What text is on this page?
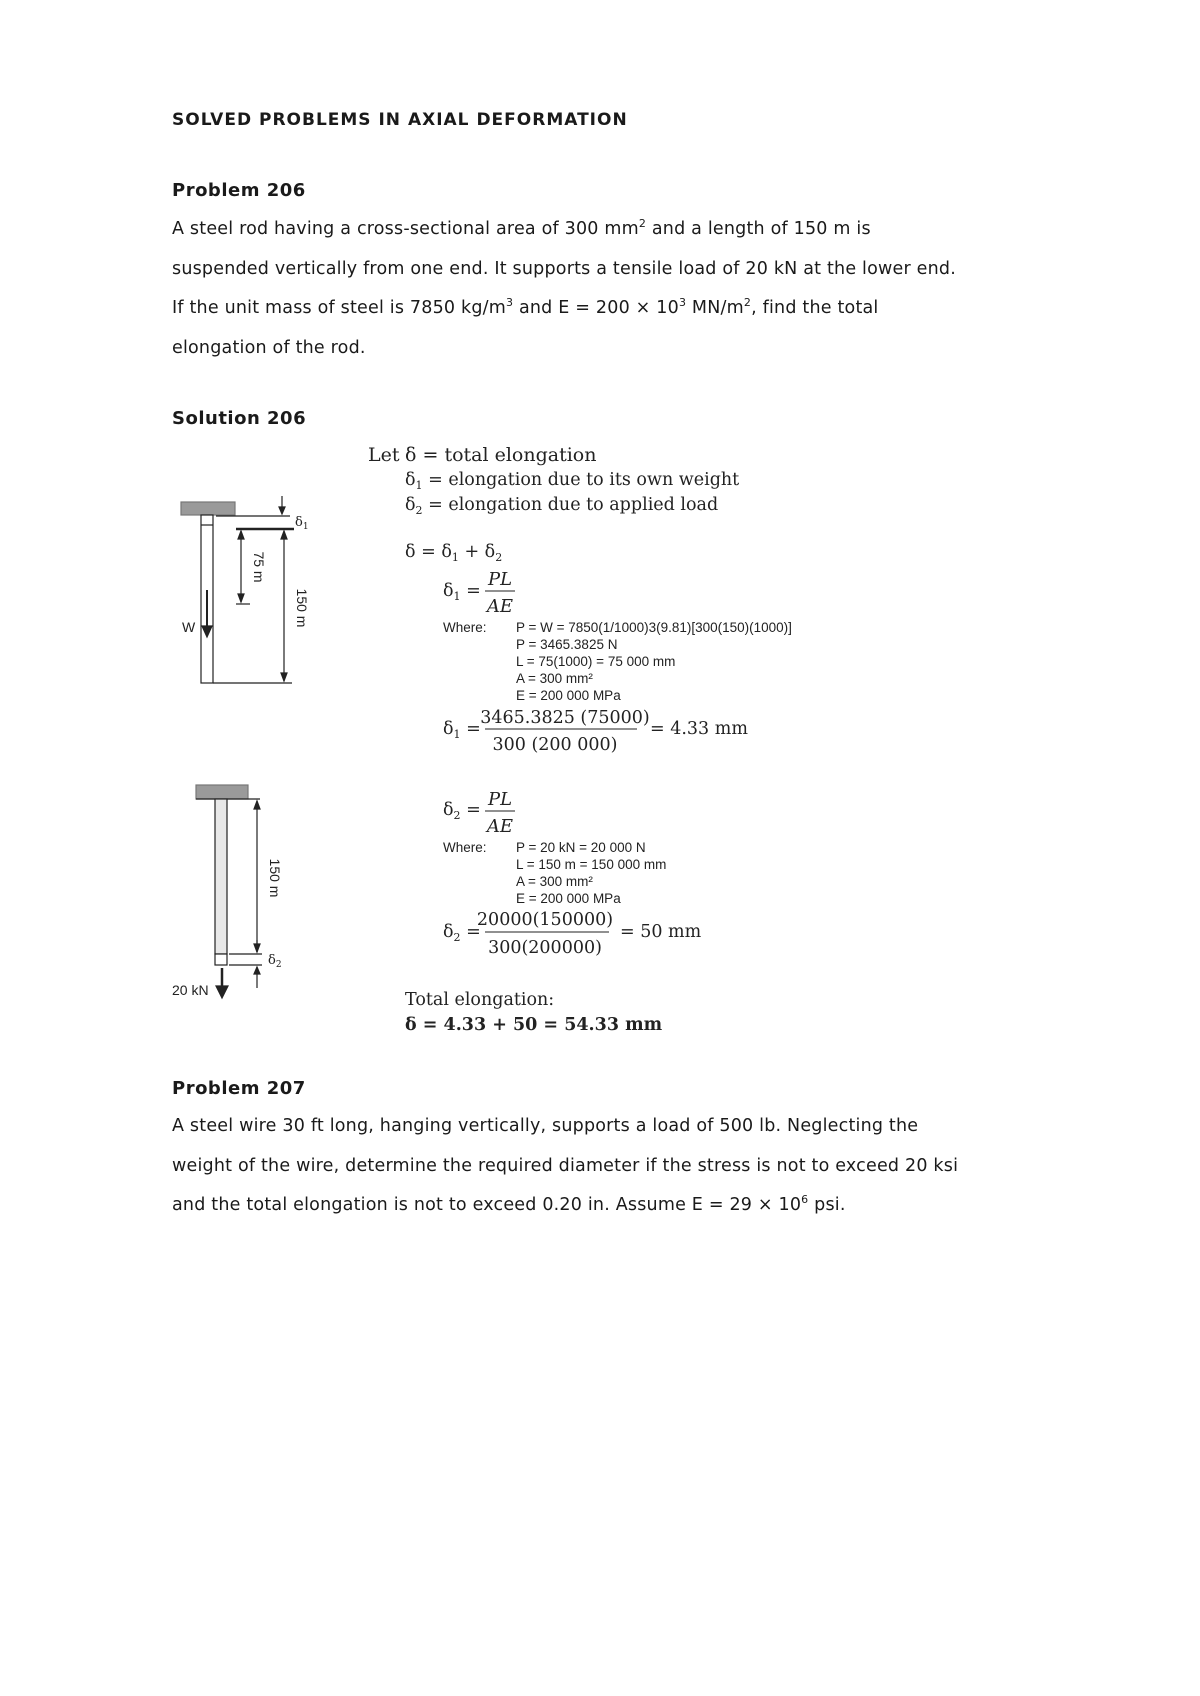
SOLVED PROBLEMS IN AXIAL DEFORMATION
Problem 206
A steel rod having a cross-sectional area of 300 $mm^2$ and a length of 150 m is
suspended vertically from one end. It supports a tensile load of 20 kN at the lower end.
If the unit mass of steel is 7850 $kg/m^3$ and $E = 200 \times 10^3$ $MN/m^2$, find the total
elongation of the rod.
Solution 206
75 m
150 m
W
$\delta_1$
150 m
20 kN
$\delta_2$
Let δ = total elongation
$\delta_1$ = elongation due to its own weight
$\delta_2$ = elongation due to applied load
$\delta = \delta_1 + \delta_2$
$\delta_1$ =
PL
AE
Where: P = W = 7850(1/1000)3(9.81)[300(150)(1000)]
P = 3465.3825 N
L = 75(1000) = 75 000 mm
A = 300 mm²
E = 200 000 MPa
$\delta_1$ =
3465.3825 (75000)
300 (200 000)
= 4.33 mm
$\delta_2$ = PL
AE
Where: P = 20 kN = 20 000 N
L = 150 m = 150 000 mm
A = 300 mm²
E = 200 000 MPa
$\delta_2$ =
20000(150000)
300(200000)
= 50 mm
Total elongation:
δ = 4.33 + 50 = 54.33 mm
Problem 207
A steel wire 30 ft long, hanging vertically, supports a load of 500 lb. Neglecting the
weight of the wire, determine the required diameter if the stress is not to exceed 20 ksi
and the total elongation is not to exceed 0.20 in. Assume $E = 29 \times 10^6$ psi.
